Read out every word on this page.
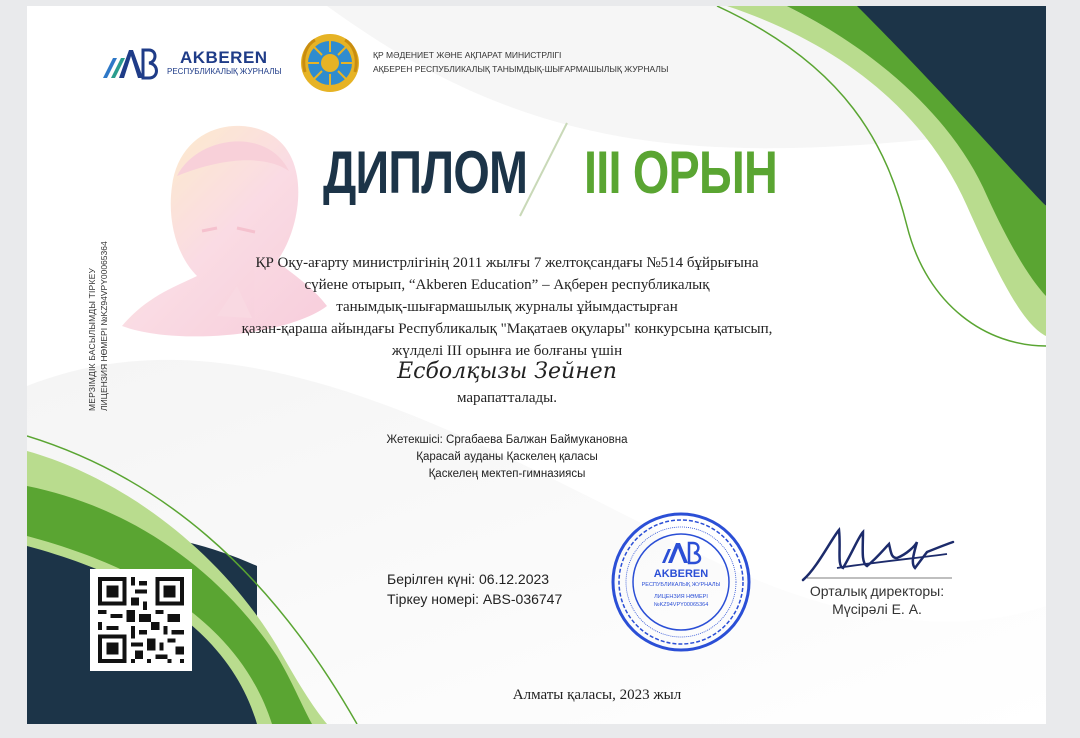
AKBEREN
РЕСПУБЛИКАЛЫҚ ЖУРНАЛЫ
ҚР МӘДЕНИЕТ ЖӘНЕ АҚПАРАТ МИНИСТРЛІГІ
АҚБЕРЕН РЕСПУБЛИКАЛЫҚ ТАНЫМДЫҚ-ШЫҒАРМАШЫЛЫҚ ЖУРНАЛЫ
ДИПЛОМ III ОРЫН
МЕРЗІМДІК БАСЫЛЫМДЫ ТІРКЕУ ЛИЦЕНЗИЯ НӨМЕРІ №KZ94VPY00065364	ҚР Оқу-ағарту министрлігінің 2011 жылғы 7 желтоқсандағы №514 бұйрығына
сүйене отырып, “Akberen Education” – Ақберен республикалық
танымдық-шығармашылық журналы ұйымдастырған
қазан-қараша айындағы Республикалық "Мақатаев оқулары" конкурсына қатысып,
жүлделі III орынға ие болғаны үшін
Есболқызы Зейнеп
марапатталады.
Жетекшісі: Сргабаева Балжан Баймукановна
Қарасай ауданы Қаскелең қаласы
Қаскелең мектеп-гимназиясы
Берілген күні: 06.12.2023
Тіркеу номері: ABS-036747
AKBEREN
РЕСПУБЛИКАЛЫҚ ЖУРНАЛЫ
ЛИЦЕНЗИЯ НӨМЕРІ
№KZ94VPY00065364
Орталық директоры:
Мүсірәлі Е. А.
Алматы қаласы, 2023 жыл
